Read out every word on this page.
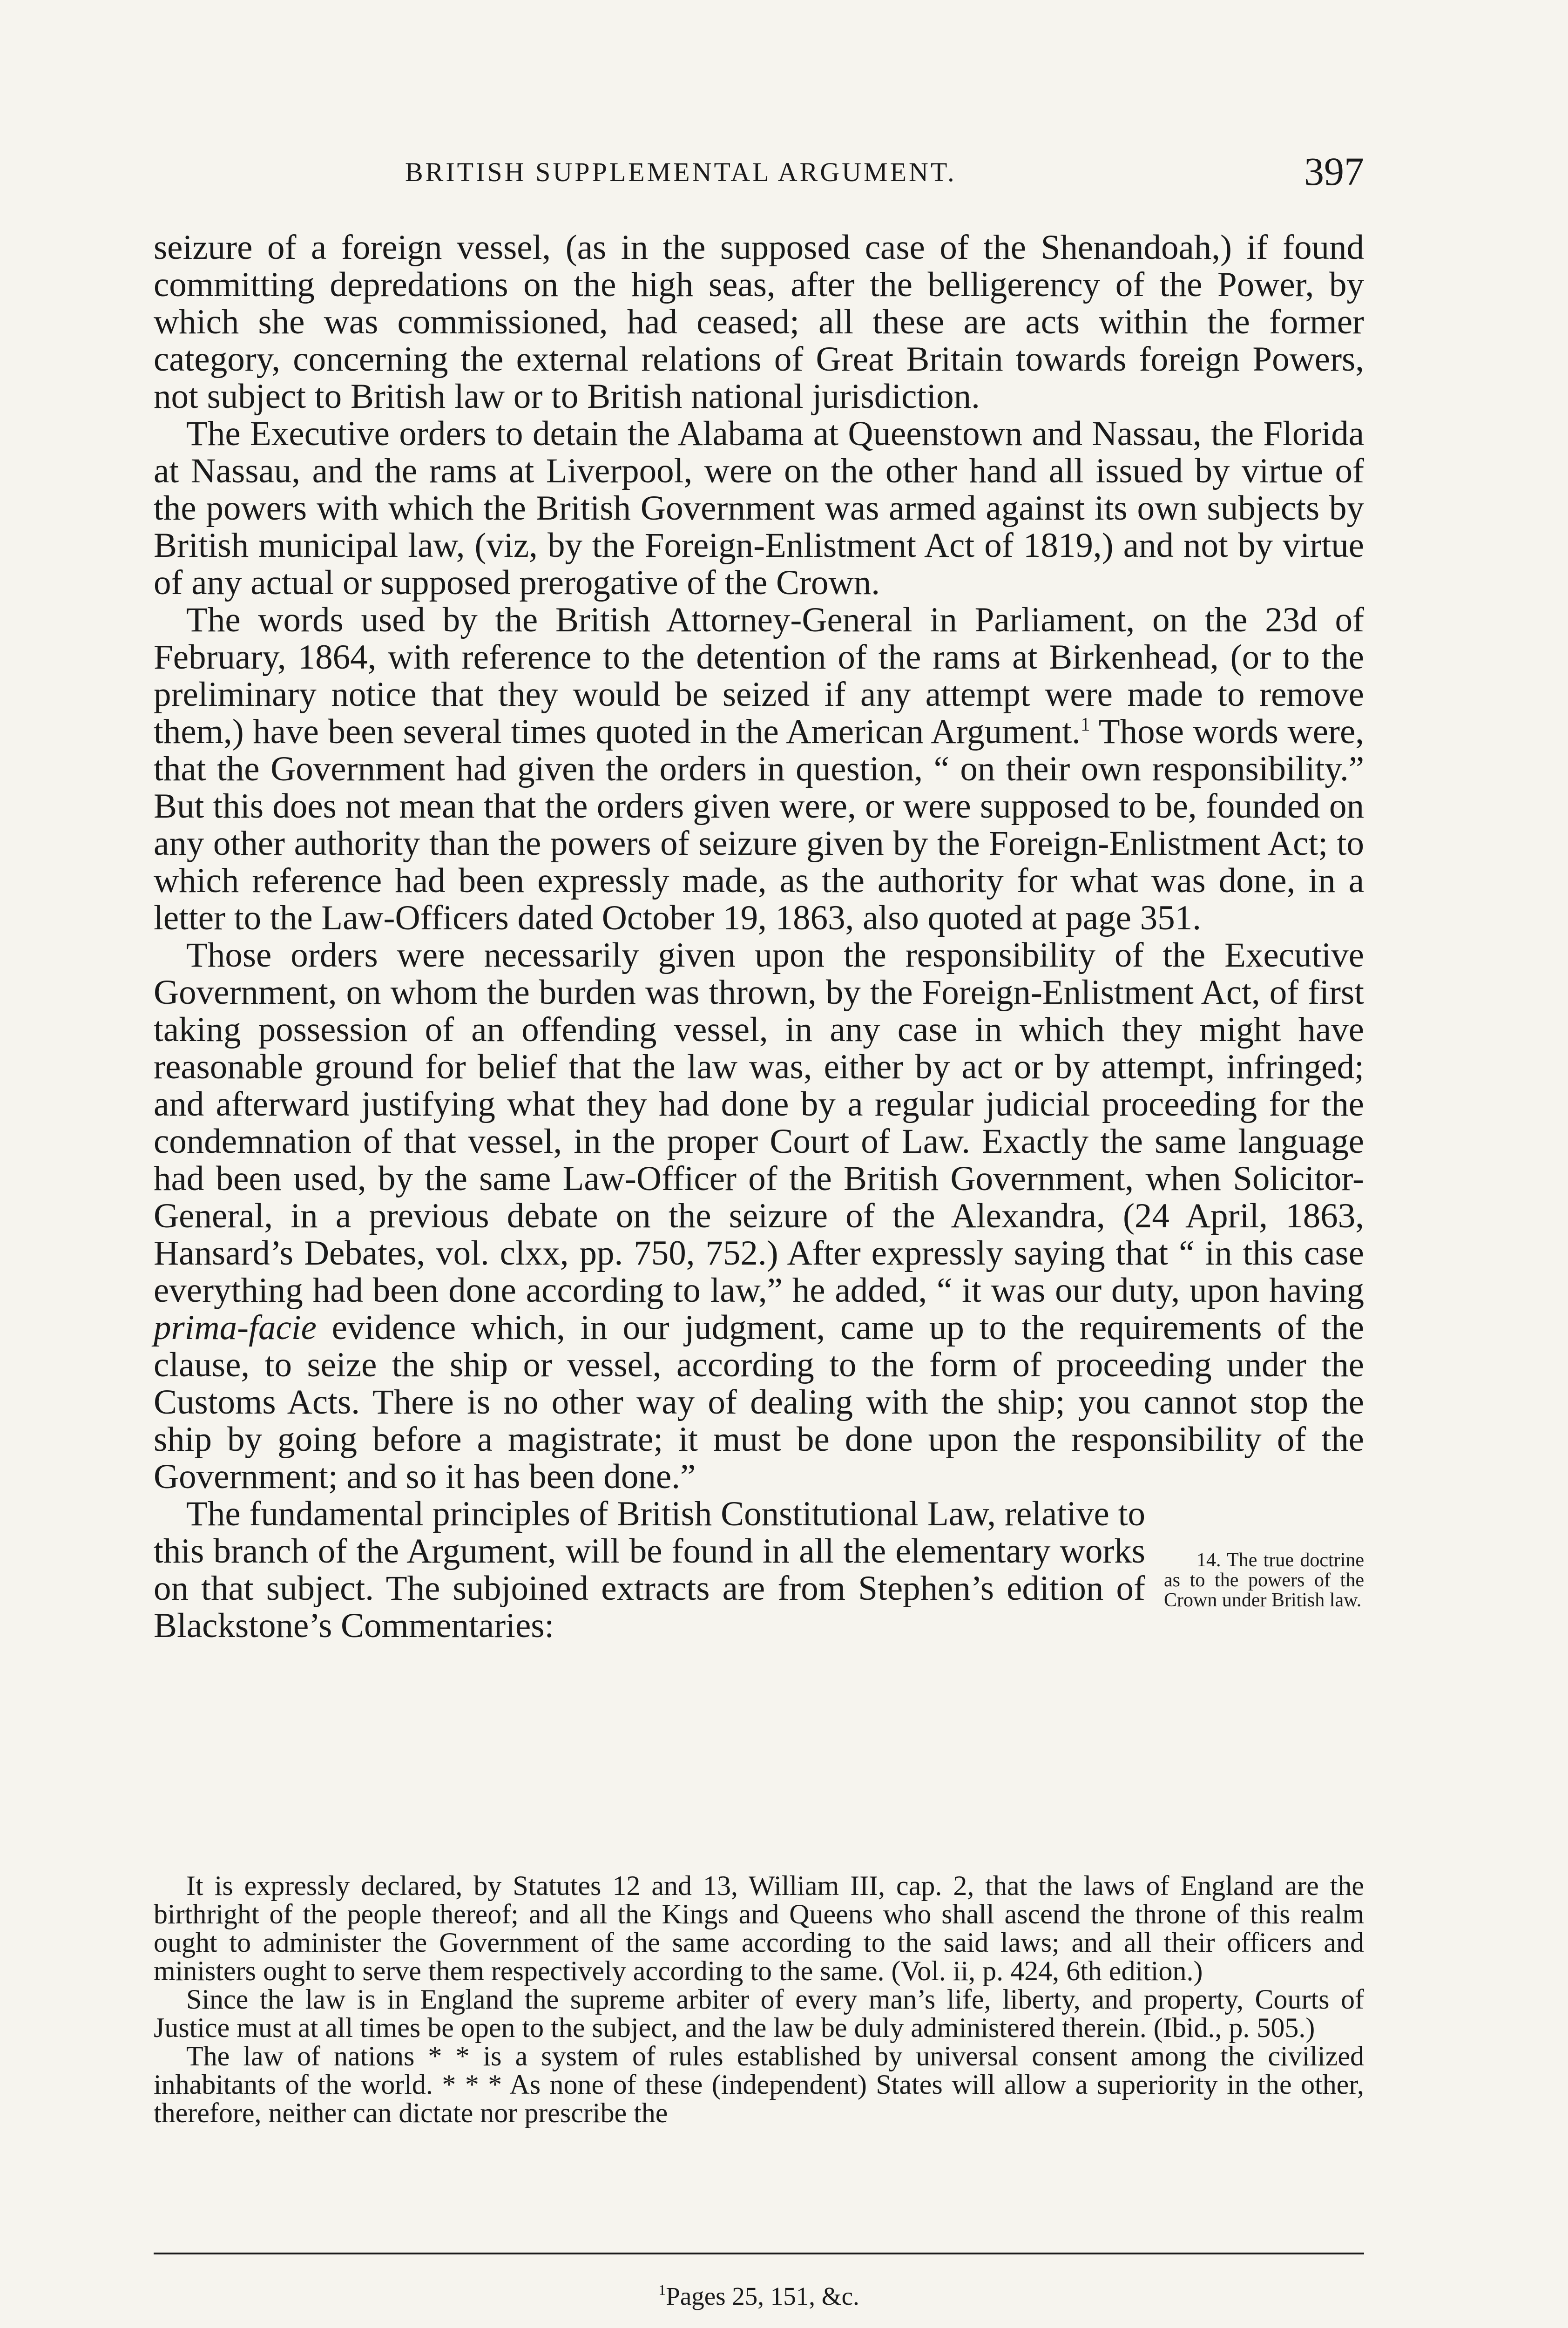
BRITISH SUPPLEMENTAL ARGUMENT.	397

seizure of a foreign vessel, (as in the supposed case of the Shenandoah,) if found committing depredations on the high seas, after the belligerency of the Power, by which she was commissioned, had ceased; all these are acts within the former category, concerning the external relations of Great Britain towards foreign Powers, not subject to British law or to British national jurisdiction.

The Executive orders to detain the Alabama at Queenstown and Nassau, the Florida at Nassau, and the rams at Liverpool, were on the other hand all issued by virtue of the powers with which the British Government was armed against its own subjects by British municipal law, (viz, by the Foreign-Enlistment Act of 1819,) and not by virtue of any actual or supposed prerogative of the Crown.

The words used by the British Attorney-General in Parliament, on the 23d of February, 1864, with reference to the detention of the rams at Birkenhead, (or to the preliminary notice that they would be seized if any attempt were made to remove them,) have been several times quoted in the American Argument.$^1$ Those words were, that the Government had given the orders in question, “ on their own responsibility.” But this does not mean that the orders given were, or were supposed to be, founded on any other authority than the powers of seizure given by the Foreign-Enlistment Act; to which reference had been expressly made, as the authority for what was done, in a letter to the Law-Officers dated October 19, 1863, also quoted at page 351.

Those orders were necessarily given upon the responsibility of the Executive Government, on whom the burden was thrown, by the Foreign-Enlistment Act, of first taking possession of an offending vessel, in any case in which they might have reasonable ground for belief that the law was, either by act or by attempt, infringed; and afterward justifying what they had done by a regular judicial proceeding for the condemnation of that vessel, in the proper Court of Law. Exactly the same language had been used, by the same Law-Officer of the British Government, when Solicitor-General, in a previous debate on the seizure of the Alexandra, (24 April, 1863, Hansard’s Debates, vol. clxx, pp. 750, 752.) After expressly saying that “ in this case everything had been done according to law,” he added, “ it was our duty, upon having prima-facie evidence which, in our judgment, came up to the requirements of the clause, to seize the ship or vessel, according to the form of proceeding under the Customs Acts. There is no other way of dealing with the ship; you cannot stop the ship by going before a magistrate; it must be done upon the responsibility of the Government; and so it has been done.”

The fundamental principles of British Constitutional Law, relative to this branch of the Argument, will be found in all the elementary works on that subject. The subjoined extracts are from Stephen’s edition of Blackstone’s Commentaries:
14. The true doctrine as to the powers of the Crown under British law.

It is expressly declared, by Statutes 12 and 13, William III, cap. 2, that the laws of England are the birthright of the people thereof; and all the Kings and Queens who shall ascend the throne of this realm ought to administer the Government of the same according to the said laws; and all their officers and ministers ought to serve them respectively according to the same. (Vol. ii, p. 424, 6th edition.)

Since the law is in England the supreme arbiter of every man’s life, liberty, and property, Courts of Justice must at all times be open to the subject, and the law be duly administered therein. (Ibid., p. 505.)

The law of nations * * is a system of rules established by universal consent among the civilized inhabitants of the world. * * * As none of these (independent) States will allow a superiority in the other, therefore, neither can dictate nor prescribe the

$^1$Pages 25, 151, &c.
